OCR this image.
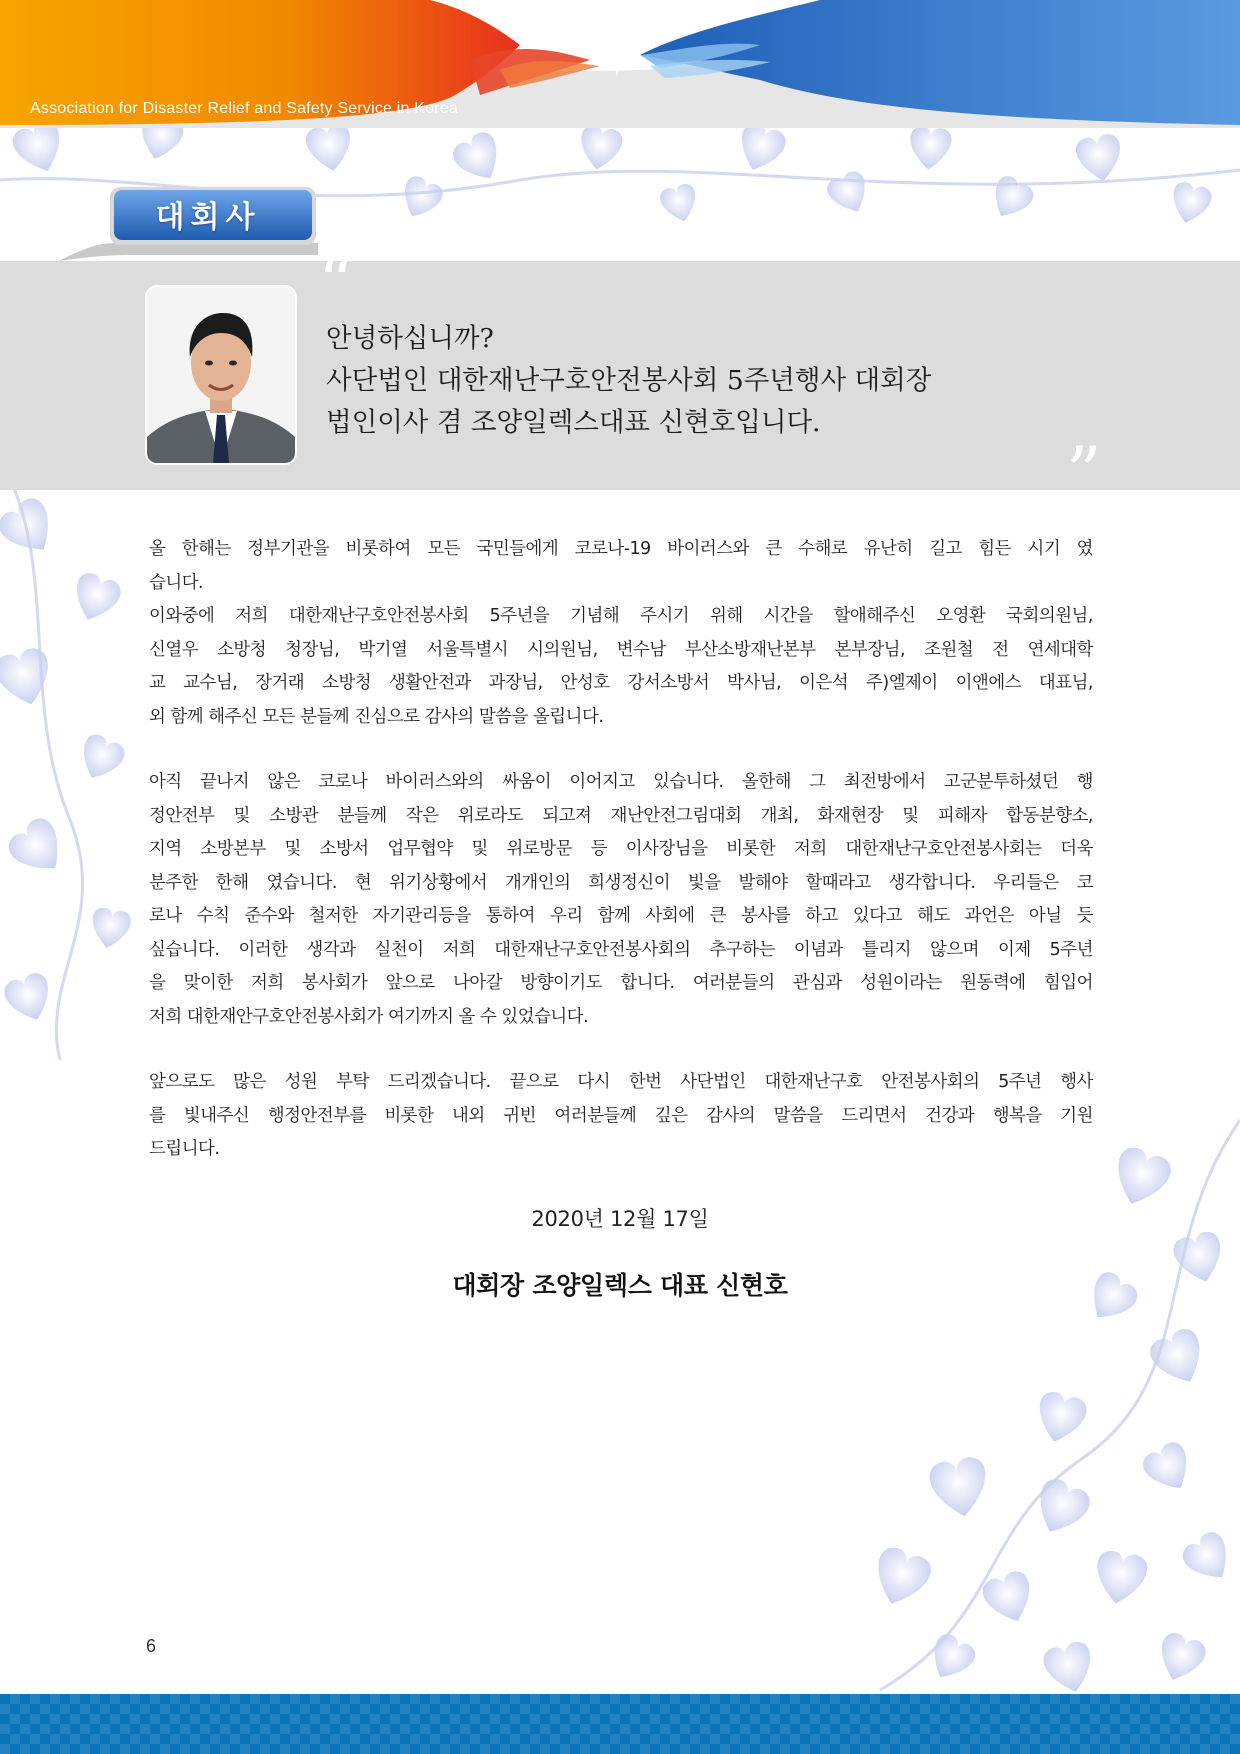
Association for Disaster Relief and Safety Service in Korea
대회사
“
”
안녕하십니까?
사단법인 대한재난구호안전봉사회 5주년행사 대회장
법인이사 겸 조양일렉스대표 신현호입니다.
올 한해는 정부기관을 비롯하여 모든 국민들에게 코로나-19 바이러스와 큰 수해로 유난히 길고 힘든 시기 였
습니다.
이와중에 저희 대한재난구호안전봉사회 5주년을 기념해 주시기 위해 시간을 할애해주신 오영환 국회의원님,
신열우 소방청 청장님, 박기열 서울특별시 시의원님, 변수남 부산소방재난본부 본부장님, 조원철 전 연세대학
교 교수님, 장거래 소방청 생활안전과 과장님, 안성호 강서소방서 박사님, 이은석 주)엘제이 이앤에스 대표님,
외 함께 해주신 모든 분들께 진심으로 감사의 말씀을 올립니다.
아직 끝나지 않은 코로나 바이러스와의 싸움이 이어지고 있습니다. 올한해 그 최전방에서 고군분투하셨던 행
정안전부 및 소방관 분들께 작은 위로라도 되고져 재난안전그림대회 개최, 화재현장 및 피해자 합동분향소,
지역 소방본부 및 소방서 업무협약 및 위로방문 등 이사장님을 비롯한 저희 대한재난구호안전봉사회는 더욱
분주한 한해 였습니다. 현 위기상황에서 개개인의 희생정신이 빛을 발해야 할때라고 생각합니다. 우리들은 코
로나 수칙 준수와 철저한 자기관리등을 통하여 우리 함께 사회에 큰 봉사를 하고 있다고 해도 과언은 아닐 듯
싶습니다. 이러한 생각과 실천이 저희 대한재난구호안전봉사회의 추구하는 이념과 틀리지 않으며 이제 5주년
을 맞이한 저희 봉사회가 앞으로 나아갈 방향이기도 합니다. 여러분들의 관심과 성원이라는 원동력에 힘입어
저희 대한재안구호안전봉사회가 여기까지 올 수 있었습니다.
앞으로도 많은 성원 부탁 드리겠습니다. 끝으로 다시 한번 사단법인 대한재난구호 안전봉사회의 5주년 행사
를 빛내주신 행정안전부를 비롯한 내외 귀빈 여러분들께 깊은 감사의 말씀을 드리면서 건강과 행복을 기원
드립니다.
2020년 12월 17일
대회장 조양일렉스 대표 신현호
6
